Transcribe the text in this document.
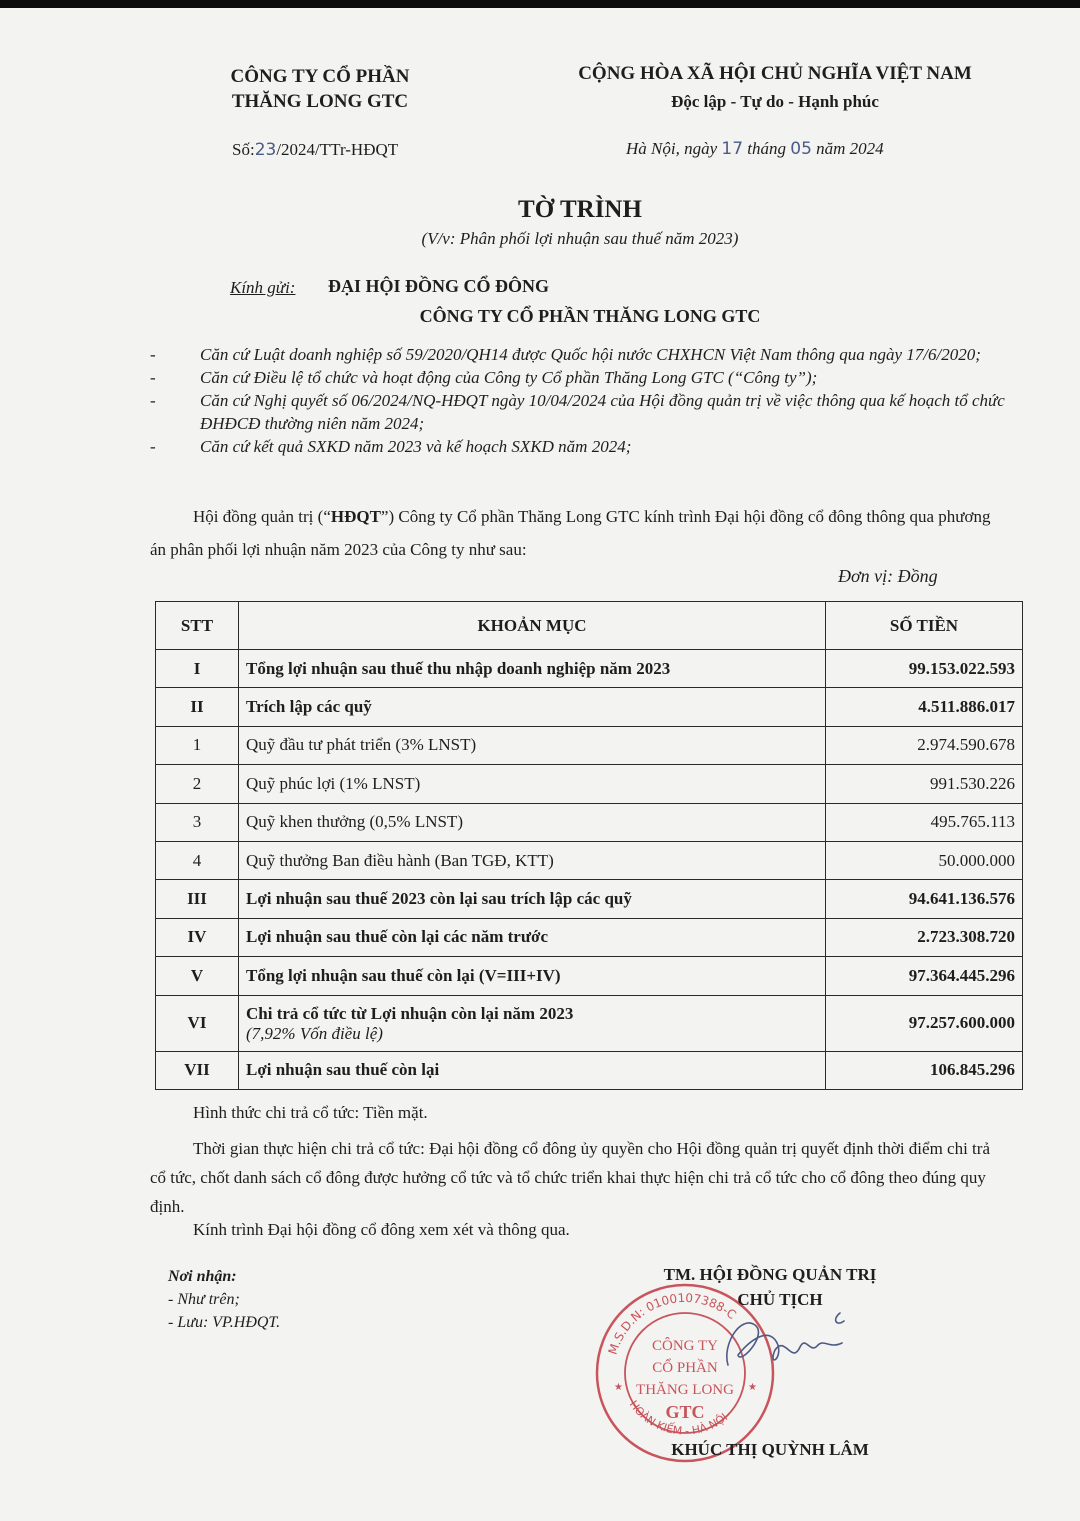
CÔNG TY CỔ PHẦN
THĂNG LONG GTC
CỘNG HÒA XÃ HỘI CHỦ NGHĨA VIỆT NAM
Độc lập - Tự do - Hạnh phúc
Số:23/2024/TTr-HĐQT	Hà Nội, ngày 17 tháng 05 năm 2024
TỜ TRÌNH
(V/v: Phân phối lợi nhuận sau thuế năm 2023)
Kính gửi: ĐẠI HỘI ĐỒNG CỔ ĐÔNG
CÔNG TY CỔ PHẦN THĂNG LONG GTC
-	Căn cứ Luật doanh nghiệp số 59/2020/QH14 được Quốc hội nước CHXHCN Việt Nam thông qua ngày 17/6/2020;
-	Căn cứ Điều lệ tổ chức và hoạt động của Công ty Cổ phần Thăng Long GTC (“Công ty”);
-	Căn cứ Nghị quyết số 06/2024/NQ-HĐQT ngày 10/04/2024 của Hội đồng quản trị về việc thông qua kế hoạch tổ chức ĐHĐCĐ thường niên năm 2024;
-	Căn cứ kết quả SXKD năm 2023 và kế hoạch SXKD năm 2024;
Hội đồng quản trị (“HĐQT”) Công ty Cổ phần Thăng Long GTC kính trình Đại hội đồng cổ đông thông qua phương án phân phối lợi nhuận năm 2023 của Công ty như sau:
Đơn vị: Đồng
STT	KHOẢN MỤC	SỐ TIỀN
I	Tổng lợi nhuận sau thuế thu nhập doanh nghiệp năm 2023	99.153.022.593
II	Trích lập các quỹ	4.511.886.017
1	Quỹ đầu tư phát triển (3% LNST)	2.974.590.678
2	Quỹ phúc lợi (1% LNST)	991.530.226
3	Quỹ khen thưởng (0,5% LNST)	495.765.113
4	Quỹ thưởng Ban điều hành (Ban TGĐ, KTT)	50.000.000
III	Lợi nhuận sau thuế 2023 còn lại sau trích lập các quỹ	94.641.136.576
IV	Lợi nhuận sau thuế còn lại các năm trước	2.723.308.720
V	Tổng lợi nhuận sau thuế còn lại (V=III+IV)	97.364.445.296
VI	Chi trả cổ tức từ Lợi nhuận còn lại năm 2023
(7,92% Vốn điều lệ)	97.257.600.000
VII	Lợi nhuận sau thuế còn lại	106.845.296
Hình thức chi trả cổ tức: Tiền mặt.
Thời gian thực hiện chi trả cổ tức: Đại hội đồng cổ đông ủy quyền cho Hội đồng quản trị quyết định thời điểm chi trả cổ tức, chốt danh sách cổ đông được hưởng cổ tức và tổ chức triển khai thực hiện chi trả cổ tức cho cổ đông theo đúng quy định.
Kính trình Đại hội đồng cổ đông xem xét và thông qua.
Nơi nhận:
- Như trên;
- Lưu: VP.HĐQT.
M.S.D.N: 0100107388-C
HOÀN KIẾM - HÀ NỘI
CÔNG TY
CỔ PHẦN
THĂNG LONG
GTC
★	★
TM. HỘI ĐỒNG QUẢN TRỊ
CHỦ TỊCH
KHÚC THỊ QUỲNH LÂM
